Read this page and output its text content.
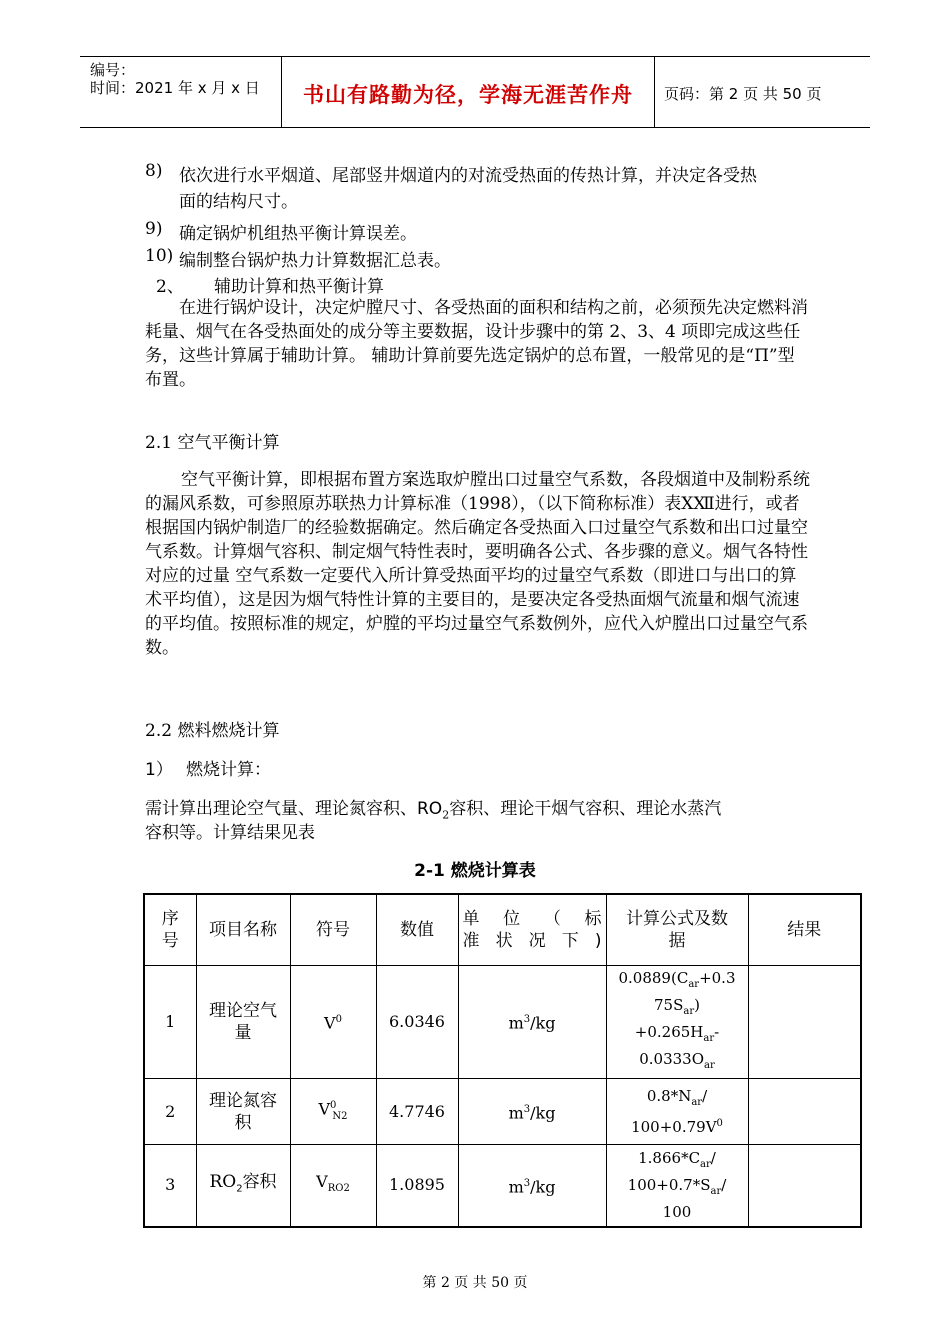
编号：
时间：2021 年 x 月 x 日	书山有路勤为径，学海无涯苦作舟	页码：第 2 页 共 50 页
8) 依次进行水平烟道、尾部竖井烟道内的对流受热面的传热计算，并决定各受热
面的结构尺寸。
9) 确定锅炉机组热平衡计算误差。
10) 编制整台锅炉热力计算数据汇总表。
2、 辅助计算和热平衡计算
在进行锅炉设计，决定炉膛尺寸、各受热面的面积和结构之前，必须预先决定燃料消耗量、烟气在各受热面处的成分等主要数据，设计步骤中的第 2、3、4 项即完成这些任务，这些计算属于辅助计算。 辅助计算前要先选定锅炉的总布置，一般常见的是“Π”型布置。
2.1 空气平衡计算
空气平衡计算，即根据布置方案选取炉膛出口过量空气系数，各段烟道中及制粉系统的漏风系数，可参照原苏联热力计算标准（1998），（以下简称标准）表ⅩⅫ进行，或者根据国内锅炉制造厂的经验数据确定。然后确定各受热面入口过量空气系数和出口过量空气系数。计算烟气容积、制定烟气特性表时，要明确各公式、各步骤的意义。烟气各特性对应的过量 空气系数一定要代入所计算受热面平均的过量空气系数（即进口与出口的算术平均值），这是因为烟气特性计算的主要目的，是要决定各受热面烟气流量和烟气流速的平均值。按照标准的规定，炉膛的平均过量空气系数例外，应代入炉膛出口过量空气系数。
2.2 燃料燃烧计算
1） 燃烧计算：
需计算出理论空气量、理论氮容积、$RO_2$容积、理论干烟气容积、理论水蒸汽
容积等。计算结果见表
2-1 燃烧计算表
序
号	项目名称	符号	数值	单位（标
准状况下)	计算公式及数
据	结果
1	理论空气
量	$V^0$	6.0346	$m^3/kg$	$0.0889(C_{ar}+0.3$
$75S_{ar}$)
$+0.265H_{ar}-$
$0.0333O_{ar}$	
2	理论氮容
积	$V^0_{N2}$	4.7746	$m^3/kg$	$0.8*N_{ar}/$
$100+0.79V^0$	
3	$RO_2$容积	$V_{RO2}$	1.0895	$m^3/kg$	$1.866*C_{ar}/$
$100+0.7*S_{ar}/$
100	
第 2 页 共 50 页
